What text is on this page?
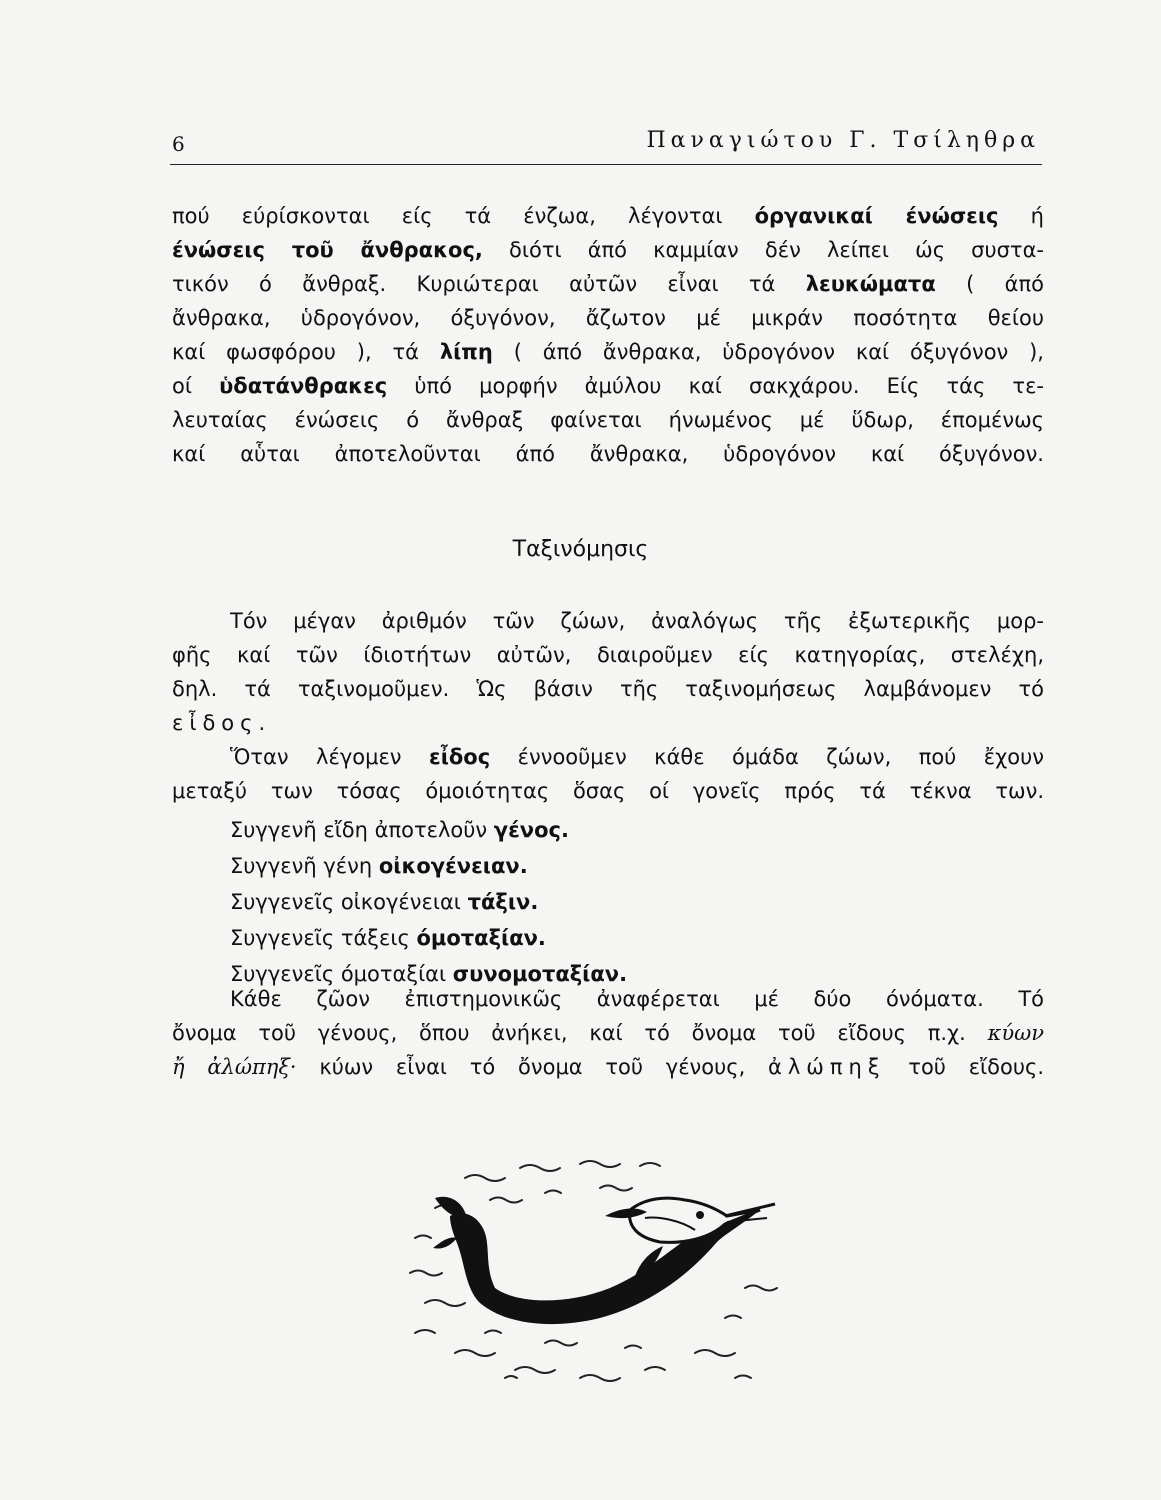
6	Παναγιώτου Γ. Τσίληθρα
πού εύρίσκονται είς τά ένζωα, λέγονται όργανικαί ένώσεις ή
ένώσεις τοῦ ἄνθρακος, διότι άπό καμμίαν δέν λείπει ώς συστα-
τικόν ό ἄνθραξ. Κυριώτεραι αὐτῶν εἶναι τά λευκώματα ( άπό
ἄνθρακα, ὑδρογόνον, όξυγόνον, ἄζωτον μέ μικράν ποσότητα θείου
καί φωσφόρου ), τά λίπη ( άπό ἄνθρακα, ὑδρογόνον καί όξυγόνον ),
οί ὑδατάνθρακες ὑπό μορφήν ἀμύλου καί σακχάρου. Είς τάς τε-
λευταίας ένώσεις ό ἄνθραξ φαίνεται ήνωμένος μέ ὕδωρ, έπομένως
καί αὗται ἀποτελοῦνται άπό ἄνθρακα, ὑδρογόνον καί όξυγόνον.
Ταξινόμησις
Τόν μέγαν ἀριθμόν τῶν ζώων, ἀναλόγως τῆς ἐξωτερικῆς μορ-
φῆς καί τῶν ίδιοτήτων αὐτῶν, διαιροῦμεν είς κατηγορίας, στελέχη,
δηλ. τά ταξινομοῦμεν. Ὡς βάσιν τῆς ταξινομήσεως λαμβάνομεν τό
εἶδος.
Ὅταν λέγομεν εἶδος έννοοῦμεν κάθε όμάδα ζώων, πού ἔχουν
μεταξύ των τόσας όμοιότητας ὅσας οί γονεῖς πρός τά τέκνα των.
Συγγενῆ εἴδη ἀποτελοῦν γένος.
Συγγενῆ γένη οἰκογένειαν.
Συγγενεῖς οἰκογένειαι τάξιν.
Συγγενεῖς τάξεις όμοταξίαν.
Συγγενεῖς όμοταξίαι συνομοταξίαν.
Κάθε ζῶον ἐπιστημονικῶς ἀναφέρεται μέ δύο όνόματα. Τό
ὄνομα τοῦ γένους, ὅπου ἀνήκει, καί τό ὄνομα τοῦ εἴδους π.χ. κύων
ἤ ἀλώπηξ· κύων εἶναι τό ὄνομα τοῦ γένους, ἀλώπηξ τοῦ εἴδους.
